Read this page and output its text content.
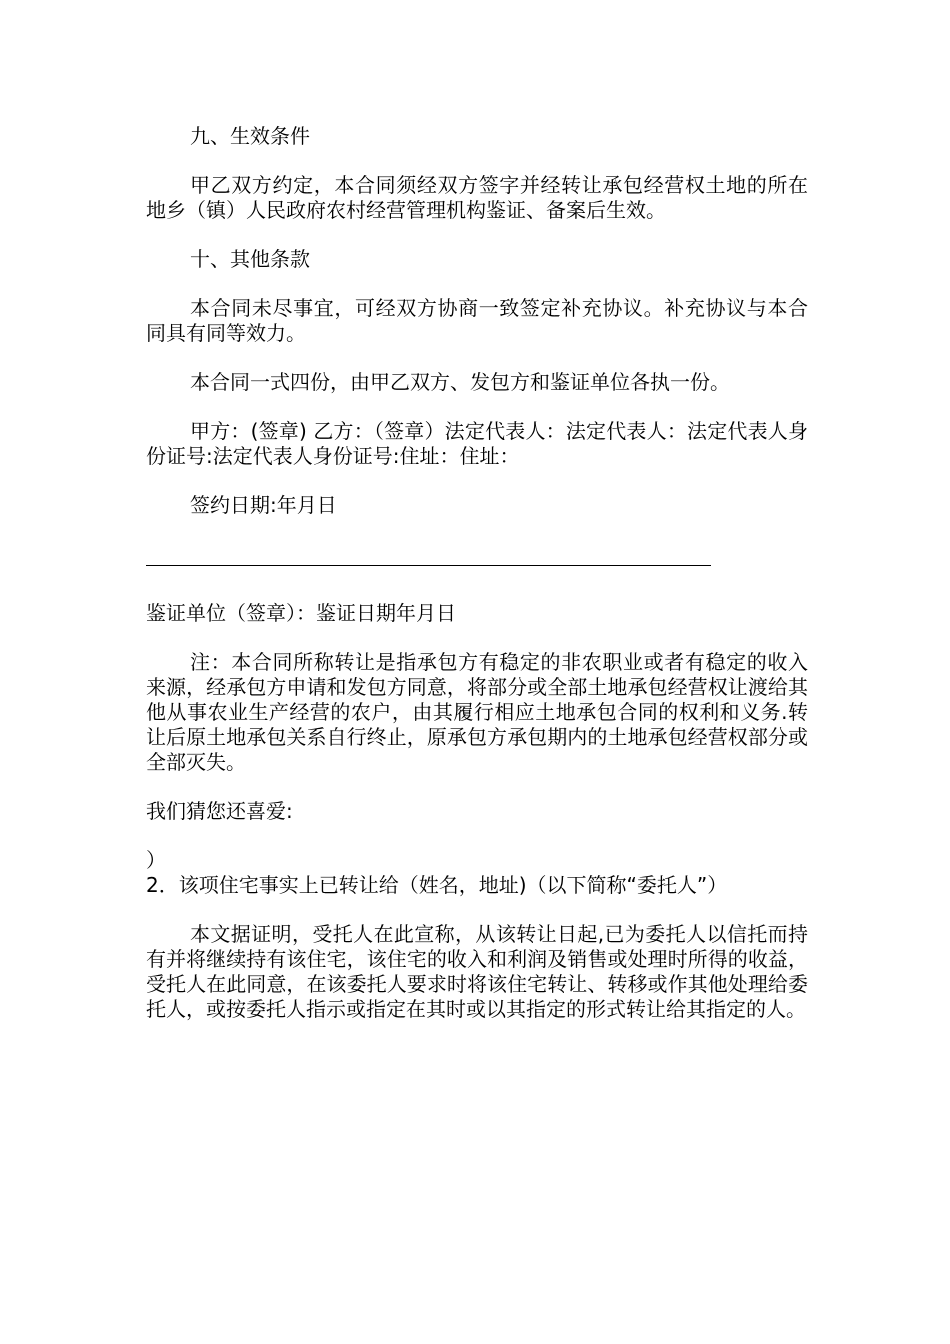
九、生效条件

甲乙双方约定，本合同须经双方签字并经转让承包经营权土地的所在地乡（镇）人民政府农村经营管理机构鉴证、备案后生效。

十、其他条款

本合同未尽事宜，可经双方协商一致签定补充协议。补充协议与本合同具有同等效力。

本合同一式四份，由甲乙双方、发包方和鉴证单位各执一份。

甲方：(签章) 乙方：（签章）法定代表人：法定代表人：法定代表人身份证号:法定代表人身份证号:住址：住址：

签约日期:年月日

鉴证单位（签章）：鉴证日期年月日

注：本合同所称转让是指承包方有稳定的非农职业或者有稳定的收入来源，经承包方申请和发包方同意，将部分或全部土地承包经营权让渡给其他从事农业生产经营的农户，由其履行相应土地承包合同的权利和义务.转让后原土地承包关系自行终止，原承包方承包期内的土地承包经营权部分或全部灭失。

我们猜您还喜爱:

）

2．该项住宅事实上已转让给（姓名，地址)（以下简称“委托人”）

本文据证明，受托人在此宣称，从该转让日起,已为委托人以信托而持有并将继续持有该住宅，该住宅的收入和利润及销售或处理时所得的收益，受托人在此同意，在该委托人要求时将该住宅转让、转移或作其他处理给委托人，或按委托人指示或指定在其时或以其指定的形式转让给其指定的人。
